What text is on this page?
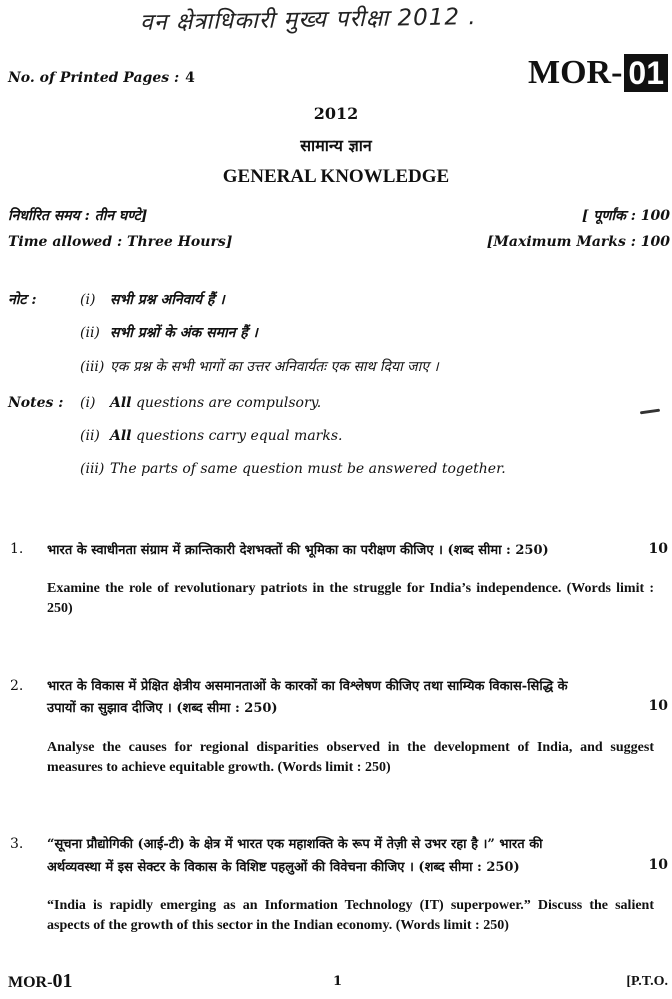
वन क्षेत्राधिकारी मुख्य परीक्षा 2012 .
No. of Printed Pages : 4	MOR- 01
2012
सामान्य ज्ञान
GENERAL KNOWLEDGE
निर्धारित समय : तीन घण्टे]	[ पूर्णांक : 100
Time allowed : Three Hours]	[Maximum Marks : 100
नोट :	(i) सभी प्रश्न अनिवार्य हैं ।
(ii) सभी प्रश्नों के अंक समान हैं ।
(iii) एक प्रश्न के सभी भागों का उत्तर अनिवार्यतः एक साथ दिया जाए ।
Notes : (i) All questions are compulsory.
(ii) All questions carry equal marks.
(iii) The parts of same question must be answered together.
1. भारत के स्वाधीनता संग्राम में क्रान्तिकारी देशभक्तों की भूमिका का परीक्षण कीजिए । (शब्द सीमा : 250)	10
Examine the role of revolutionary patriots in the struggle for India’s independence. (Words limit : 250)
2. भारत के विकास में प्रेक्षित क्षेत्रीय असमानताओं के कारकों का विश्लेषण कीजिए तथा साम्यिक विकास-सिद्धि के
उपायों का सुझाव दीजिए । (शब्द सीमा : 250)	10
Analyse the causes for regional disparities observed in the development of India, and suggest measures to achieve equitable growth. (Words limit : 250)
3. “सूचना प्रौद्योगिकी (आई-टी) के क्षेत्र में भारत एक महाशक्ति के रूप में तेज़ी से उभर रहा है ।” भारत की
अर्थव्यवस्था में इस सेक्टर के विकास के विशिष्ट पहलुओं की विवेचना कीजिए । (शब्द सीमा : 250)	10
“India is rapidly emerging as an Information Technology (IT) superpower.” Discuss the salient aspects of the growth of this sector in the Indian economy. (Words limit : 250)
MOR-01	1	[P.T.O.
